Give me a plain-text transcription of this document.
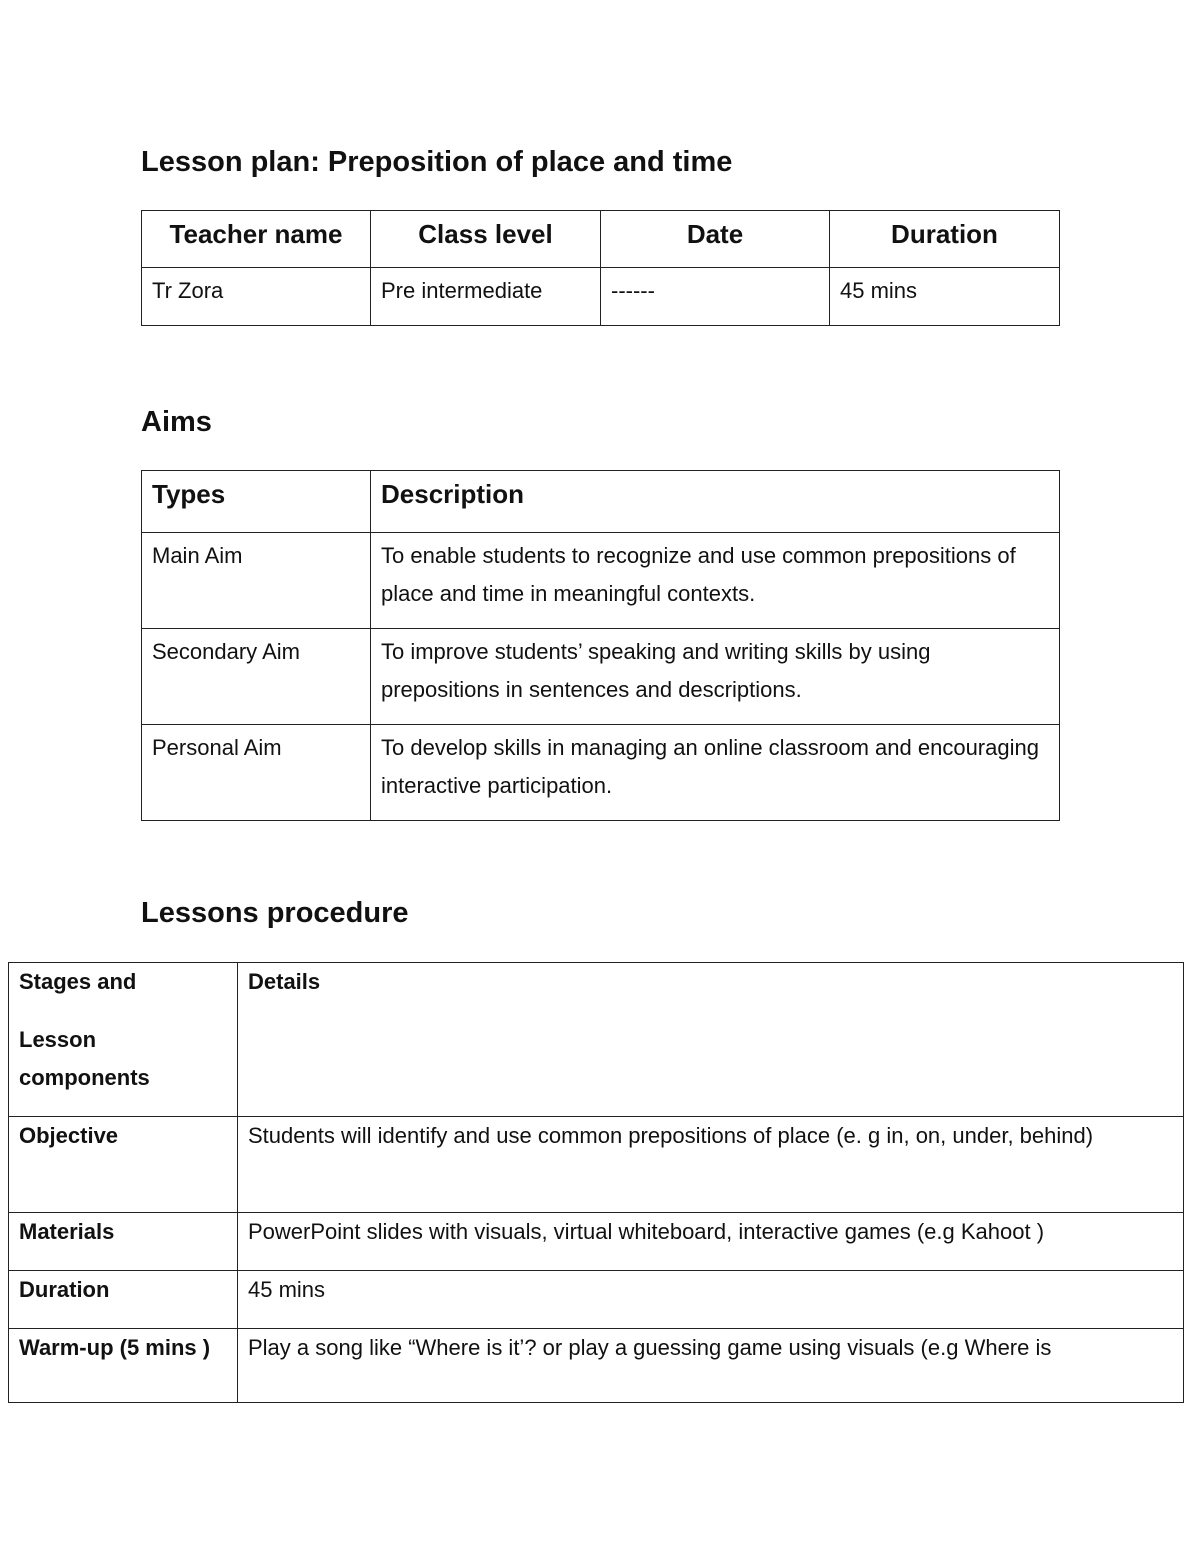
Lesson plan: Preposition of place and time
Teacher name	Class level	Date	Duration
Tr Zora	Pre intermediate	------	45 mins
Aims
Types	Description
Main Aim	To enable students to recognize and use common prepositions of place and time in meaningful contexts.
Secondary Aim	To improve students’ speaking and writing skills by using prepositions in sentences and descriptions.
Personal Aim	To develop skills in managing an online classroom and encouraging interactive participation.
Lessons procedure
Stages and
Lesson components	Details
Objective	Students will identify and use common prepositions of place (e. g in, on, under, behind)
Materials	PowerPoint slides with visuals, virtual whiteboard, interactive games (e.g Kahoot )
Duration	45 mins
Warm-up (5 mins )	Play a song like “Where is it’? or play a guessing game using visuals (e.g Where is
